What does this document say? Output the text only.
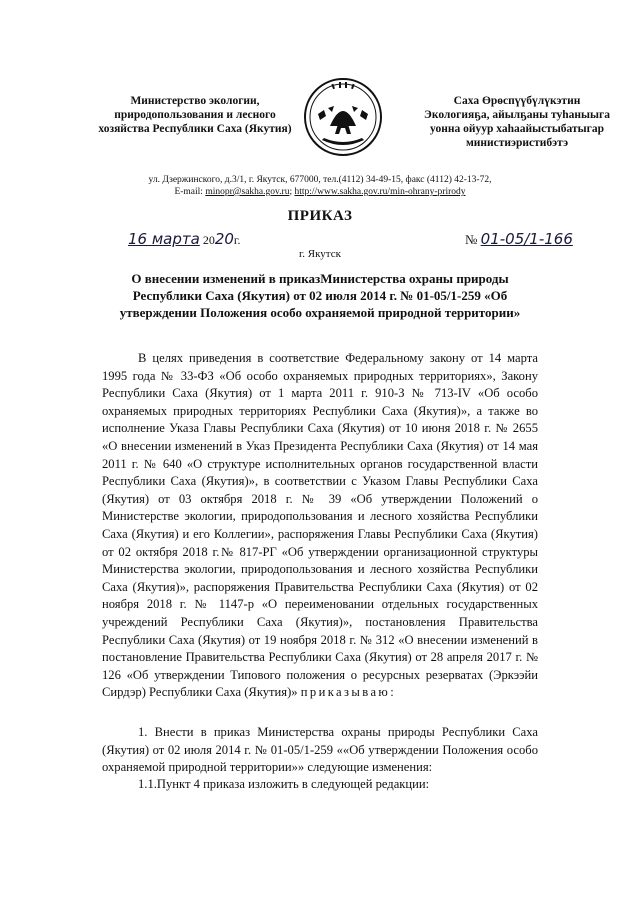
Министерство экологии,
природопользования и лесного
хозяйства Республики Саха (Якутия)
Саха Өрөспүүбүлүкэтин
Экологияҕа, айылҕаны туһаныыга
уонна ойуур хаһаайыстыбатыгар
министиэристибэтэ
ул. Дзержинского, д.3/1, г. Якутск, 677000, тел.(4112) 34-49-15, факс (4112) 42-13-72,
E-mail: minopr@sakha.gov.ru; http://www.sakha.gov.ru/min-ohrany-prirody
ПРИКАЗ
16 марта 2020г.
г. Якутск
№ 01-05/1-166
О внесении изменений в приказМинистерства охраны природы Республики Саха (Якутия) от 02 июля 2014 г. № 01-05/1-259 «Об утверждении Положения особо охраняемой природной территории»
В целях приведения в соответствие Федеральному закону от 14 марта 1995 года № 33-ФЗ «Об особо охраняемых природных территориях», Закону Республики Саха (Якутия) от 1 марта 2011 г. 910-З № 713-IV «Об особо охраняемых природных территориях Республики Саха (Якутия)», а также во исполнение Указа Главы Республики Саха (Якутия) от 10 июня 2018 г. № 2655 «О внесении изменений в Указ Президента Республики Саха (Якутия) от 14 мая 2011 г. № 640 «О структуре исполнительных органов государственной власти Республики Саха (Якутия)», в соответствии с Указом Главы Республики Саха (Якутия) от 03 октября 2018 г. № 39 «Об утверждении Положений о Министерстве экологии, природопользования и лесного хозяйства Республики Саха (Якутия) и его Коллегии», распоряжения Главы Республики Саха (Якутия) от 02 октября 2018 г.№ 817-РГ «Об утверждении организационной структуры Министерства экологии, природопользования и лесного хозяйства Республики Саха (Якутия)», распоряжения Правительства Республики Саха (Якутия) от 02 ноября 2018 г. № 1147-р «О переименовании отдельных государственных учреждений Республики Саха (Якутия)», постановления Правительства Республики Саха (Якутия) от 19 ноября 2018 г. № 312 «О внесении изменений в постановление Правительства Республики Саха (Якутия) от 28 апреля 2017 г. № 126 «Об утверждении Типового положения о ресурсных резерватах (Эркээйи Сирдэр) Республики Саха (Якутия)» приказываю:
1. Внести в приказ Министерства охраны природы Республики Саха (Якутия) от 02 июля 2014 г. № 01-05/1-259 ««Об утверждении Положения особо охраняемой природной территории»» следующие изменения:
1.1.Пункт 4 приказа изложить в следующей редакции:
